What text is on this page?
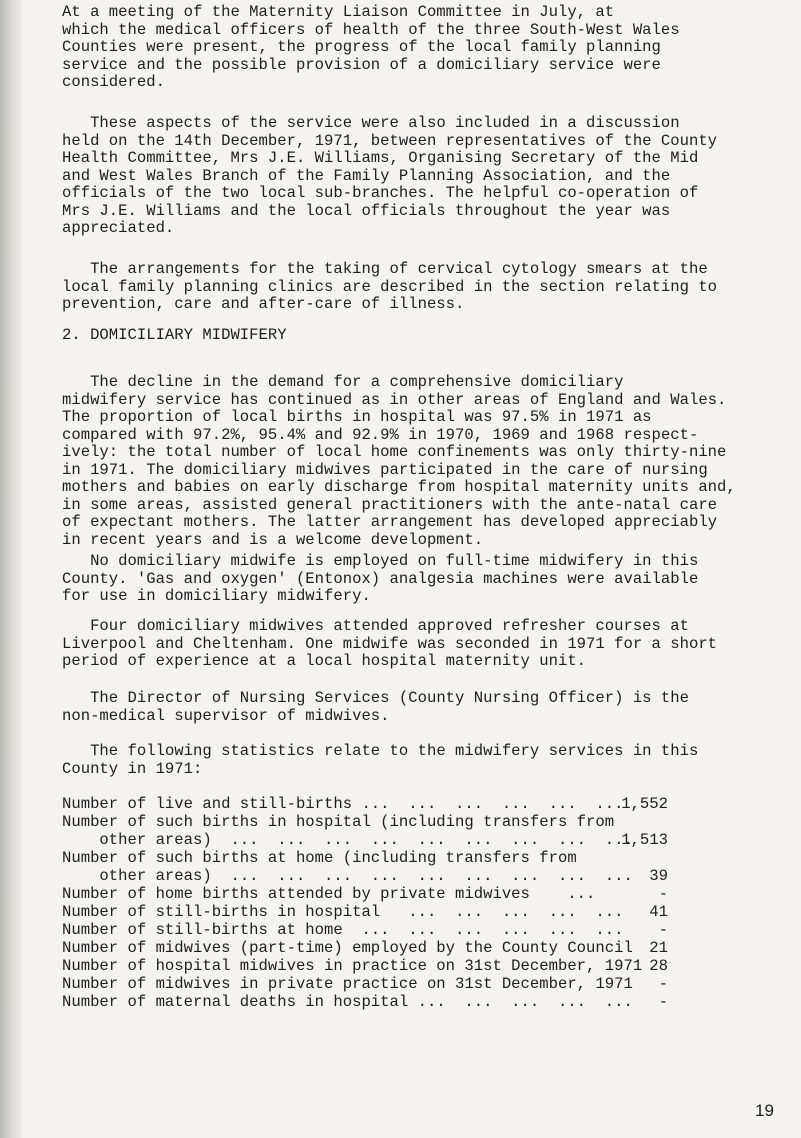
At a meeting of the Maternity Liaison Committee in July, at
which the medical officers of health of the three South-West Wales
Counties were present, the progress of the local family planning
service and the possible provision of a domiciliary service were
considered.

These aspects of the service were also included in a discussion
held on the 14th December, 1971, between representatives of the County
Health Committee, Mrs J.E. Williams, Organising Secretary of the Mid
and West Wales Branch of the Family Planning Association, and the
officials of the two local sub-branches. The helpful co-operation of
Mrs J.E. Williams and the local officials throughout the year was
appreciated.

The arrangements for the taking of cervical cytology smears at the
local family planning clinics are described in the section relating to
prevention, care and after-care of illness.

2. DOMICILIARY MIDWIFERY

The decline in the demand for a comprehensive domiciliary
midwifery service has continued as in other areas of England and Wales.
The proportion of local births in hospital was 97.5% in 1971 as
compared with 97.2%, 95.4% and 92.9% in 1970, 1969 and 1968 respect-
ively: the total number of local home confinements was only thirty-nine
in 1971. The domiciliary midwives participated in the care of nursing
mothers and babies on early discharge from hospital maternity units and,
in some areas, assisted general practitioners with the ante-natal care
of expectant mothers. The latter arrangement has developed appreciably
in recent years and is a welcome development.

No domiciliary midwife is employed on full-time midwifery in this
County. 'Gas and oxygen' (Entonox) analgesia machines were available
for use in domiciliary midwifery.

Four domiciliary midwives attended approved refresher courses at
Liverpool and Cheltenham. One midwife was seconded in 1971 for a short
period of experience at a local hospital maternity unit.

The Director of Nursing Services (County Nursing Officer) is the
non-medical supervisor of midwives.

The following statistics relate to the midwifery services in this
County in 1971:

Number of live and still-births ...  ...  ...  ...  ...  ...
1,552
Number of such births in hospital (including transfers from
other areas)  ...  ...  ...  ...  ...  ...  ...  ...  ...
1,513
Number of such births at home (including transfers from
other areas)  ...  ...  ...  ...  ...  ...  ...  ...  ... 39
Number of home births attended by private midwives    ...	-
Number of still-births in hospital   ...  ...  ...  ...  ... 41
Number of still-births at home  ...  ...  ...  ...  ...  ... -
Number of midwives (part-time) employed by the County Council 21
Number of hospital midwives in practice on 31st December, 1971 28
Number of midwives in private practice on 31st December, 1971 -
Number of maternal deaths in hospital ...  ...  ...  ...  ... -
19
